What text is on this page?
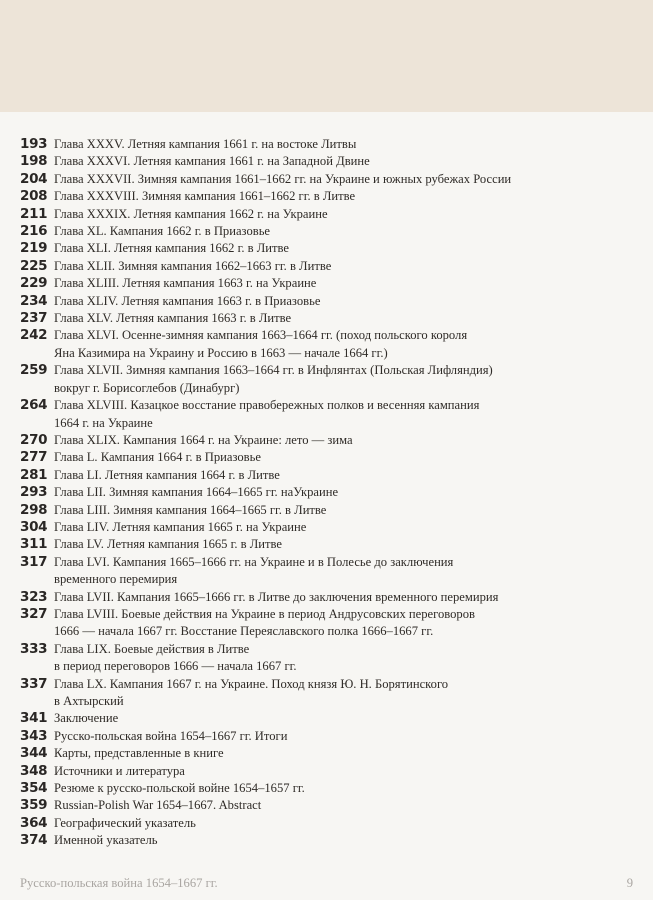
193 Глава XXXV. Летняя кампания 1661 г. на востоке Литвы
198 Глава XXXVI. Летняя кампания 1661 г. на Западной Двине
204 Глава XXXVII. Зимняя кампания 1661–1662 гг. на Украине и южных рубежах России
208 Глава XXXVIII. Зимняя кампания 1661–1662 гг. в Литве
211 Глава XXXIX. Летняя кампания 1662 г. на Украине
216 Глава XL. Кампания 1662 г. в Приазовье
219 Глава XLI. Летняя кампания 1662 г. в Литве
225 Глава XLII. Зимняя кампания 1662–1663 гг. в Литве
229 Глава XLIII. Летняя кампания 1663 г. на Украине
234 Глава XLIV. Летняя кампания 1663 г. в Приазовье
237 Глава XLV. Летняя кампания 1663 г. в Литве
242 Глава XLVI. Осенне-зимняя кампания 1663–1664 гг. (поход польского короля
Яна Казимира на Украину и Россию в 1663 — начале 1664 гг.)
259 Глава XLVII. Зимняя кампания 1663–1664 гг. в Инфлянтах (Польская Лифляндия)
вокруг г. Борисоглебов (Динабург)
264 Глава XLVIII. Казацкое восстание правобережных полков и весенняя кампания
1664 г. на Украине
270 Глава XLIX. Кампания 1664 г. на Украине: лето — зима
277 Глава L. Кампания 1664 г. в Приазовье
281 Глава LI. Летняя кампания 1664 г. в Литве
293 Глава LII. Зимняя кампания 1664–1665 гг. наУкраине
298 Глава LIII. Зимняя кампания 1664–1665 гг. в Литве
304 Глава LIV. Летняя кампания 1665 г. на Украине
311 Глава LV. Летняя кампания 1665 г. в Литве
317 Глава LVI. Кампания 1665–1666 гг. на Украине и в Полесье до заключения
временного перемирия
323 Глава LVII. Кампания 1665–1666 гг. в Литве до заключения временного перемирия
327 Глава LVIII. Боевые действия на Украине в период Андрусовских переговоров
1666 — начала 1667 гг. Восстание Переяславского полка 1666–1667 гг.
333 Глава LIX. Боевые действия в Литве
в период переговоров 1666 — начала 1667 гг.
337 Глава LX. Кампания 1667 г. на Украине. Поход князя Ю. Н. Борятинского
в Ахтырский
341 Заключение
343 Русско-польская война 1654–1667 гг. Итоги
344 Карты, представленные в книге
348 Источники и литература
354 Резюме к русско-польской войне 1654–1657 гг.
359 Russian-Polish War 1654–1667. Abstract
364 Географический указатель
374 Именной указатель
Русско-польская война 1654–1667 гг.	9
